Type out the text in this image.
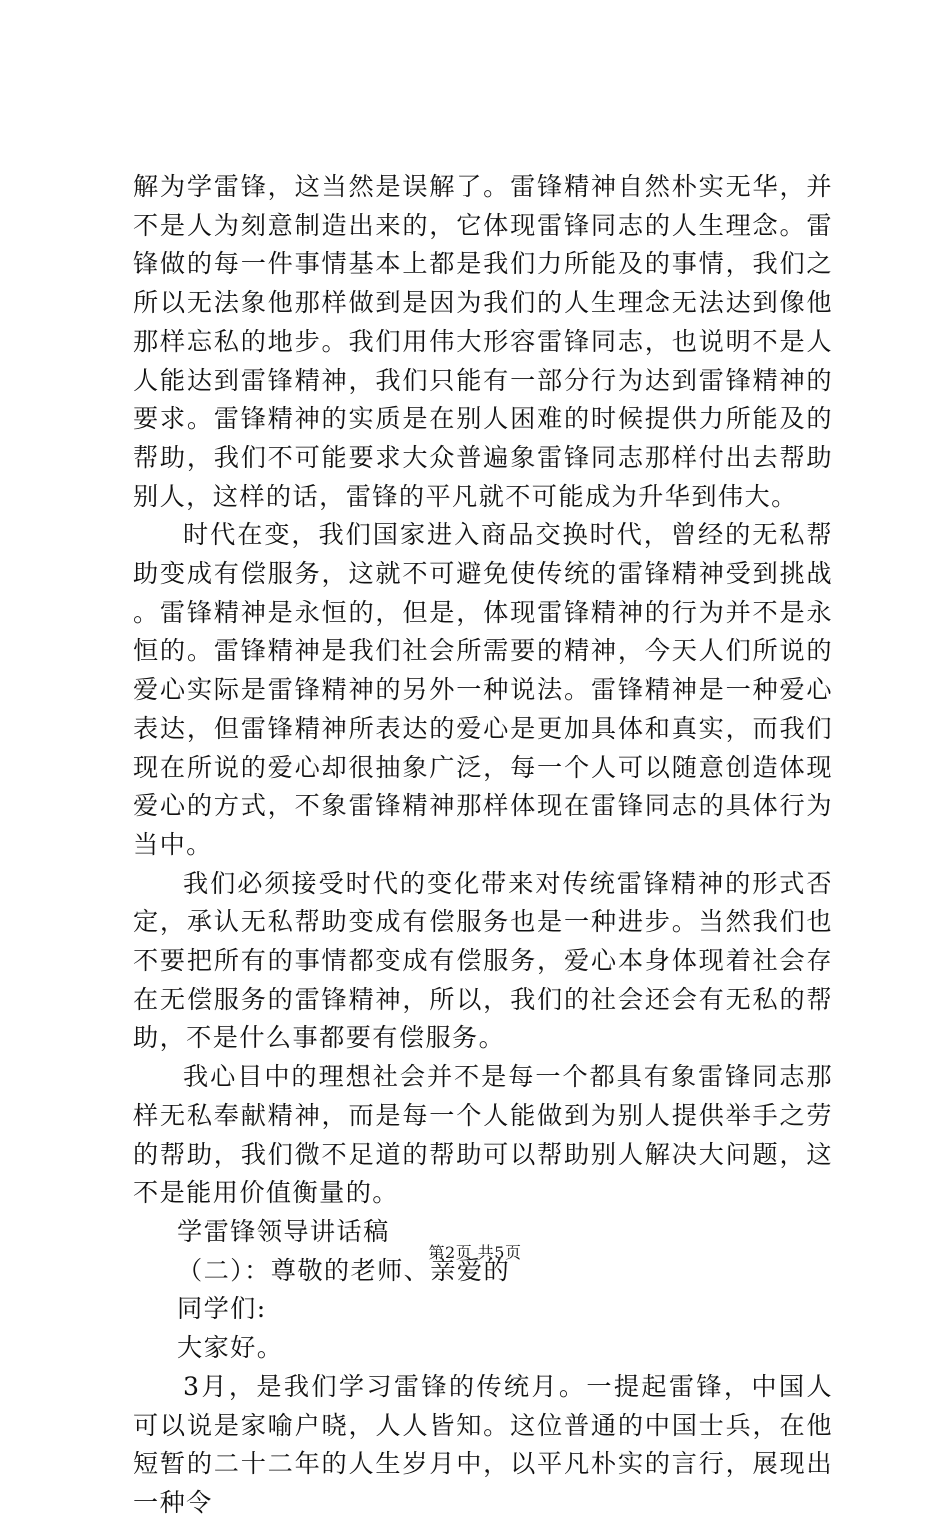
解为学雷锋，这当然是误解了。雷锋精神自然朴实无华，并不是人为刻意制造出来的，它体现雷锋同志的人生理念。雷锋做的每一件事情基本上都是我们力所能及的事情，我们之所以无法象他那样做到是因为我们的人生理念无法达到像他那样忘私的地步。我们用伟大形容雷锋同志，也说明不是人人能达到雷锋精神，我们只能有一部分行为达到雷锋精神的要求。雷锋精神的实质是在别人困难的时候提供力所能及的帮助，我们不可能要求大众普遍象雷锋同志那样付出去帮助别人，这样的话，雷锋的平凡就不可能成为升华到伟大。

时代在变，我们国家进入商品交换时代，曾经的无私帮助变成有偿服务，这就不可避免使传统的雷锋精神受到挑战。雷锋精神是永恒的，但是，体现雷锋精神的行为并不是永恒的。雷锋精神是我们社会所需要的精神，今天人们所说的爱心实际是雷锋精神的另外一种说法。雷锋精神是一种爱心表达，但雷锋精神所表达的爱心是更加具体和真实，而我们现在所说的爱心却很抽象广泛，每一个人可以随意创造体现爱心的方式，不象雷锋精神那样体现在雷锋同志的具体行为当中。

我们必须接受时代的变化带来对传统雷锋精神的形式否定，承认无私帮助变成有偿服务也是一种进步。当然我们也不要把所有的事情都变成有偿服务，爱心本身体现着社会存在无偿服务的雷锋精神，所以，我们的社会还会有无私的帮助，不是什么事都要有偿服务。

我心目中的理想社会并不是每一个都具有象雷锋同志那样无私奉献精神，而是每一个人能做到为别人提供举手之劳的帮助，我们微不足道的帮助可以帮助别人解决大问题，这不是能用价值衡量的。

学雷锋领导讲话稿

（二）：尊敬的老师、亲爱的

同学们:

大家好。

3月，是我们学习雷锋的传统月。一提起雷锋，中国人可以说是家喻户晓，人人皆知。这位普通的中国士兵，在他短暂的二十二年的人生岁月中，以平凡朴实的言行，展现出一种令

第2页 共5页
